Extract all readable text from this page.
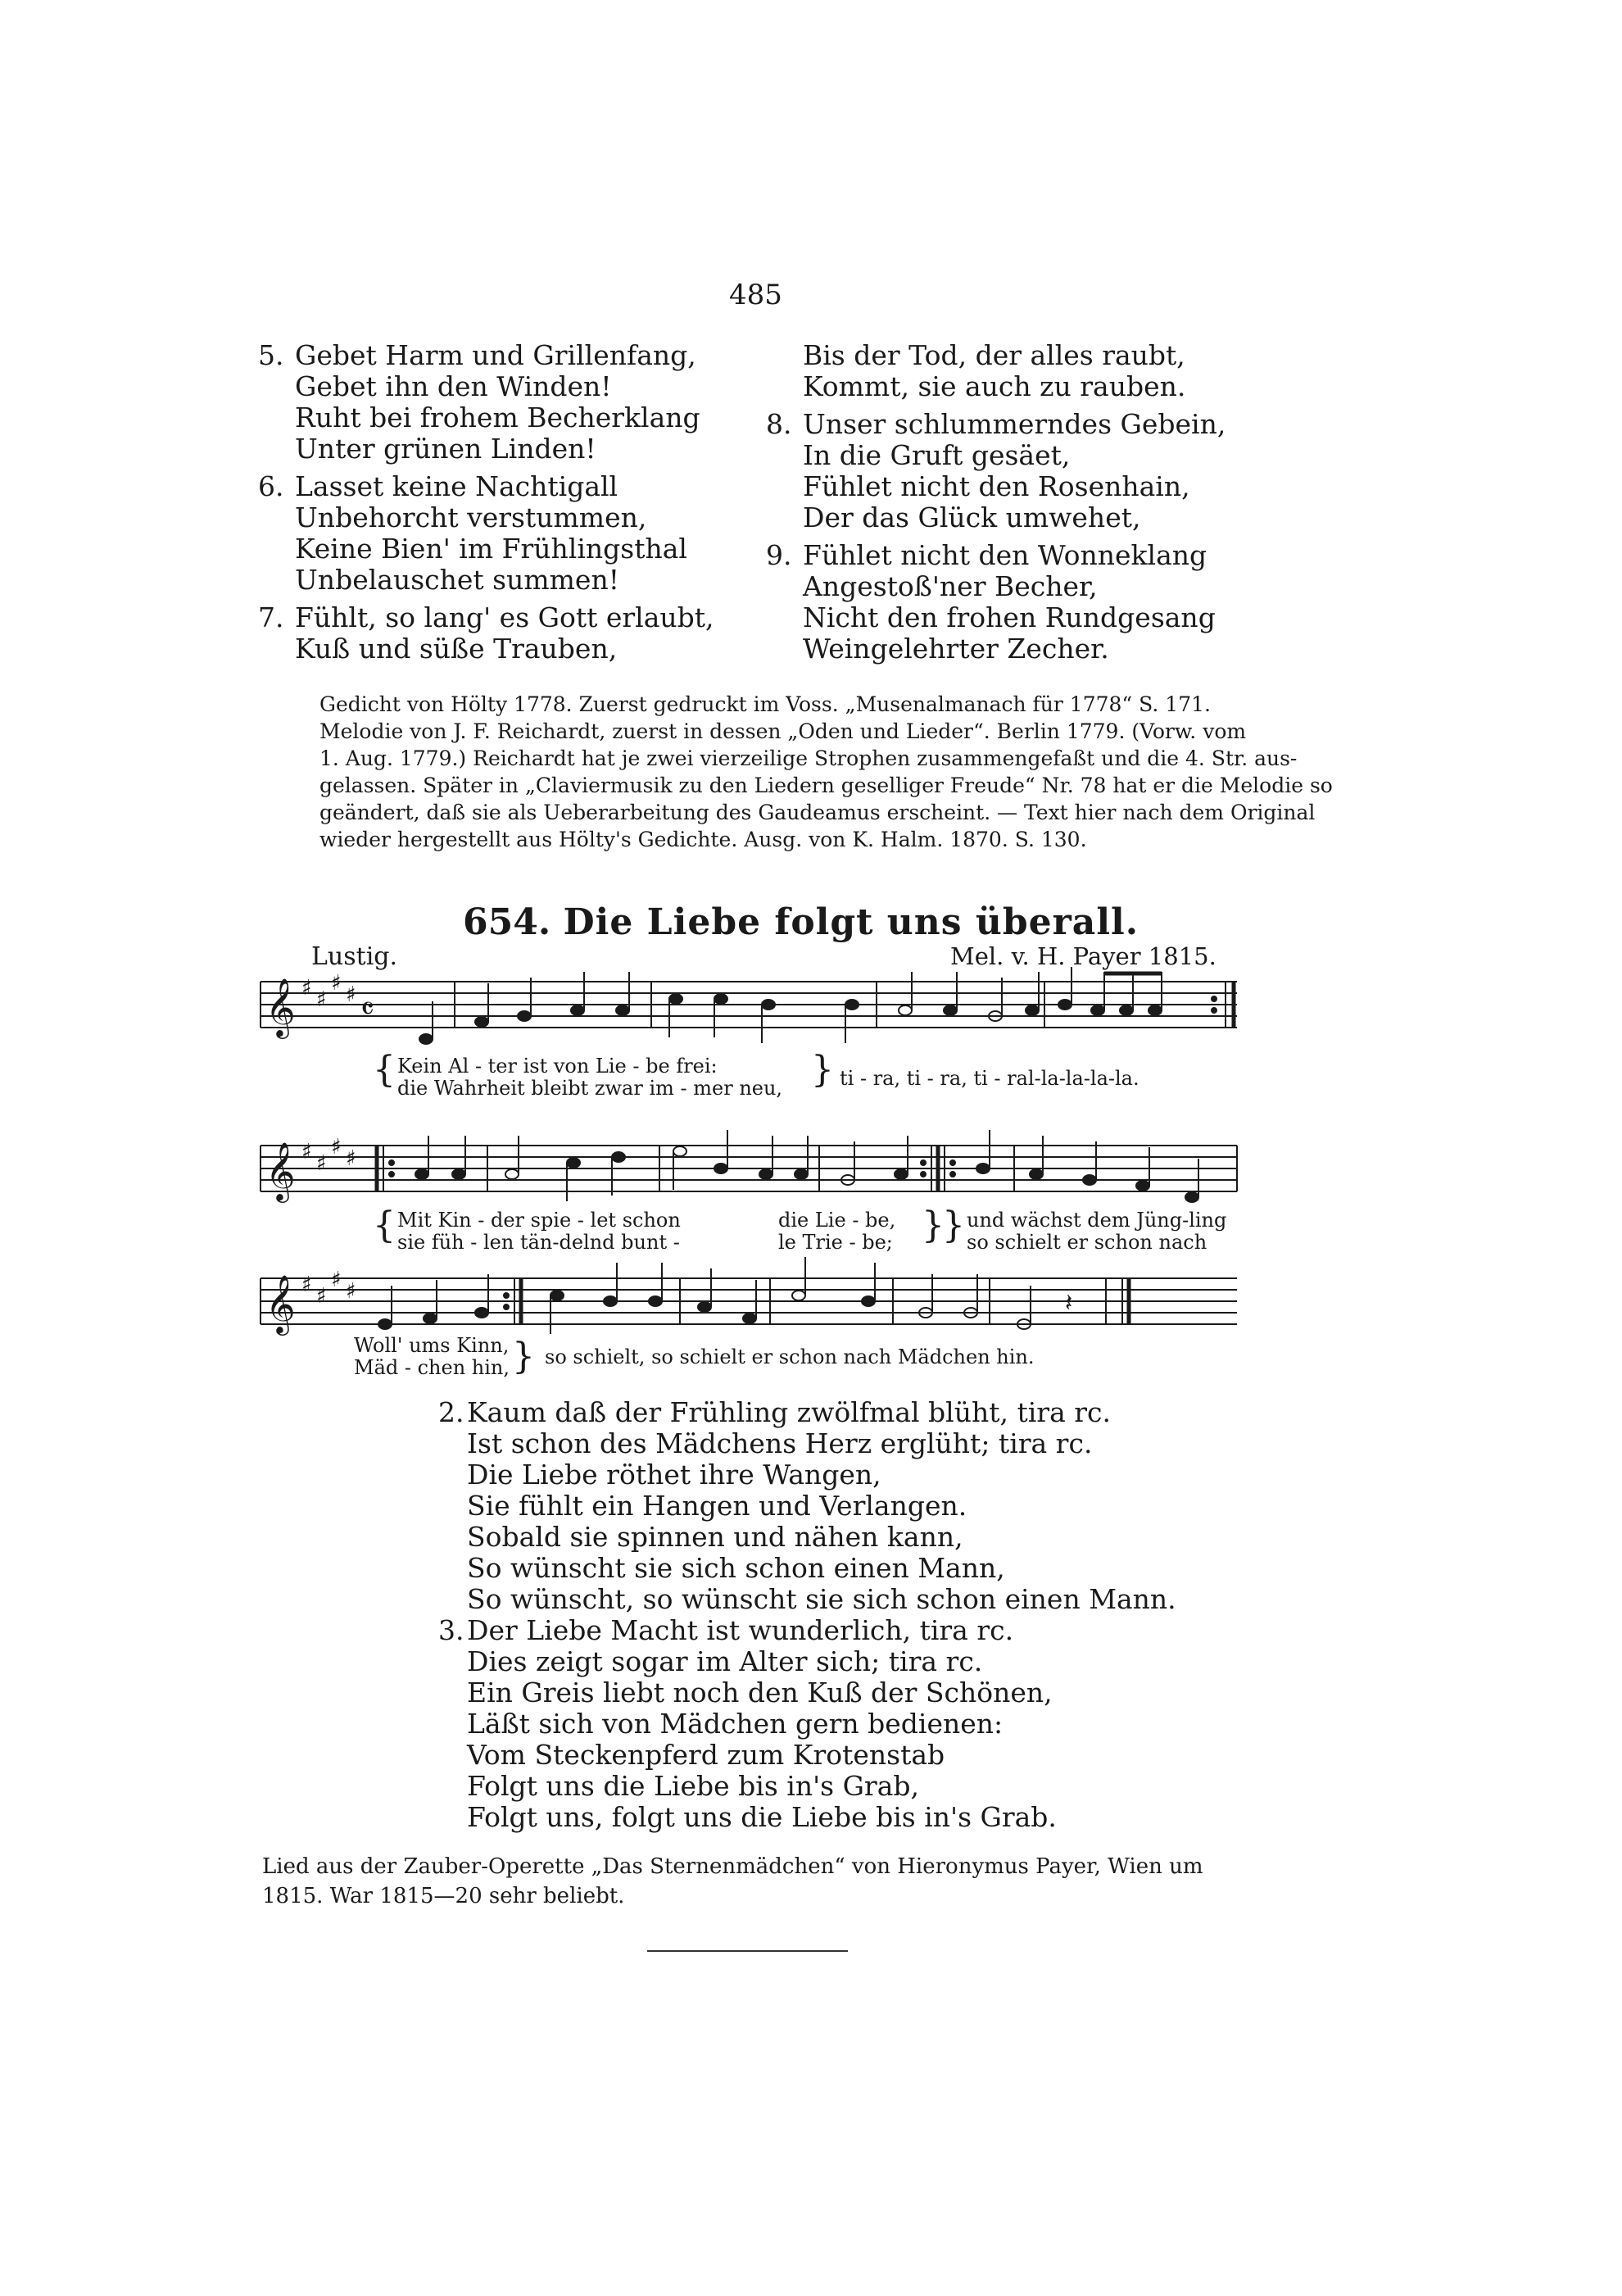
485
5. Gebet Harm und Grillenfang,
Gebet ihn den Winden!
Ruht bei frohem Becherklang
Unter grünen Linden!
6. Lasset keine Nachtigall
Unbehorcht verstummen,
Keine Bien' im Frühlingsthal
Unbelauschet summen!
7. Fühlt, so lang' es Gott erlaubt,
Kuß und süße Trauben,
Bis der Tod, der alles raubt,
Kommt, sie auch zu rauben.
8. Unser schlummerndes Gebein,
In die Gruft gesäet,
Fühlet nicht den Rosenhain,
Der das Glück umwehet,
9. Fühlet nicht den Wonneklang
Angestoß'ner Becher,
Nicht den frohen Rundgesang
Weingelehrter Zecher.
Gedicht von Hölty 1778. Zuerst gedruckt im Voss. „Musenalmanach für 1778“ S. 171.
Melodie von J. F. Reichardt, zuerst in dessen „Oden und Lieder“. Berlin 1779. (Vorw. vom
1. Aug. 1779.) Reichardt hat je zwei vierzeilige Strophen zusammengefaßt und die 4. Str. aus-
gelassen. Später in „Claviermusik zu den Liedern geselliger Freude“ Nr. 78 hat er die Melodie so
geändert, daß sie als Ueberarbeitung des Gaudeamus erscheint. — Text hier nach dem Original
wieder hergestellt aus Hölty's Gedichte. Ausg. von K. Halm. 1870. S. 130.
654. Die Liebe folgt uns überall.
Lustig.	Mel. v. H. Payer 1815.
𝄞 ♯ ♯
♯ ♯ 𝄴
𝄞 ♯ ♯
♯ ♯
𝄞 ♯ ♯
♯ ♯	𝄽
{	}
{	}
}
}
Kein Al - ter ist von Lie - be frei:
die Wahrheit bleibt zwar im - mer neu,	ti - ra, ti - ra, ti - ral-la-la-la-la.
Mit Kin - der spie - let schon
sie füh - len tän-delnd bunt -
die Lie - be,
le Trie - be;
und wächst dem Jüng-ling
so schielt er schon nach
Woll' ums Kinn,
Mäd - chen hin, so schielt, so schielt er schon nach Mädchen hin.
2. Kaum daß der Frühling zwölfmal blüht, tira rc.
Ist schon des Mädchens Herz erglüht; tira rc.
Die Liebe röthet ihre Wangen,
Sie fühlt ein Hangen und Verlangen.
Sobald sie spinnen und nähen kann,
So wünscht sie sich schon einen Mann,
So wünscht, so wünscht sie sich schon einen Mann.
3. Der Liebe Macht ist wunderlich, tira rc.
Dies zeigt sogar im Alter sich; tira rc.
Ein Greis liebt noch den Kuß der Schönen,
Läßt sich von Mädchen gern bedienen:
Vom Steckenpferd zum Krotenstab
Folgt uns die Liebe bis in's Grab,
Folgt uns, folgt uns die Liebe bis in's Grab.
Lied aus der Zauber-Operette „Das Sternenmädchen“ von Hieronymus Payer, Wien um
1815. War 1815—20 sehr beliebt.
